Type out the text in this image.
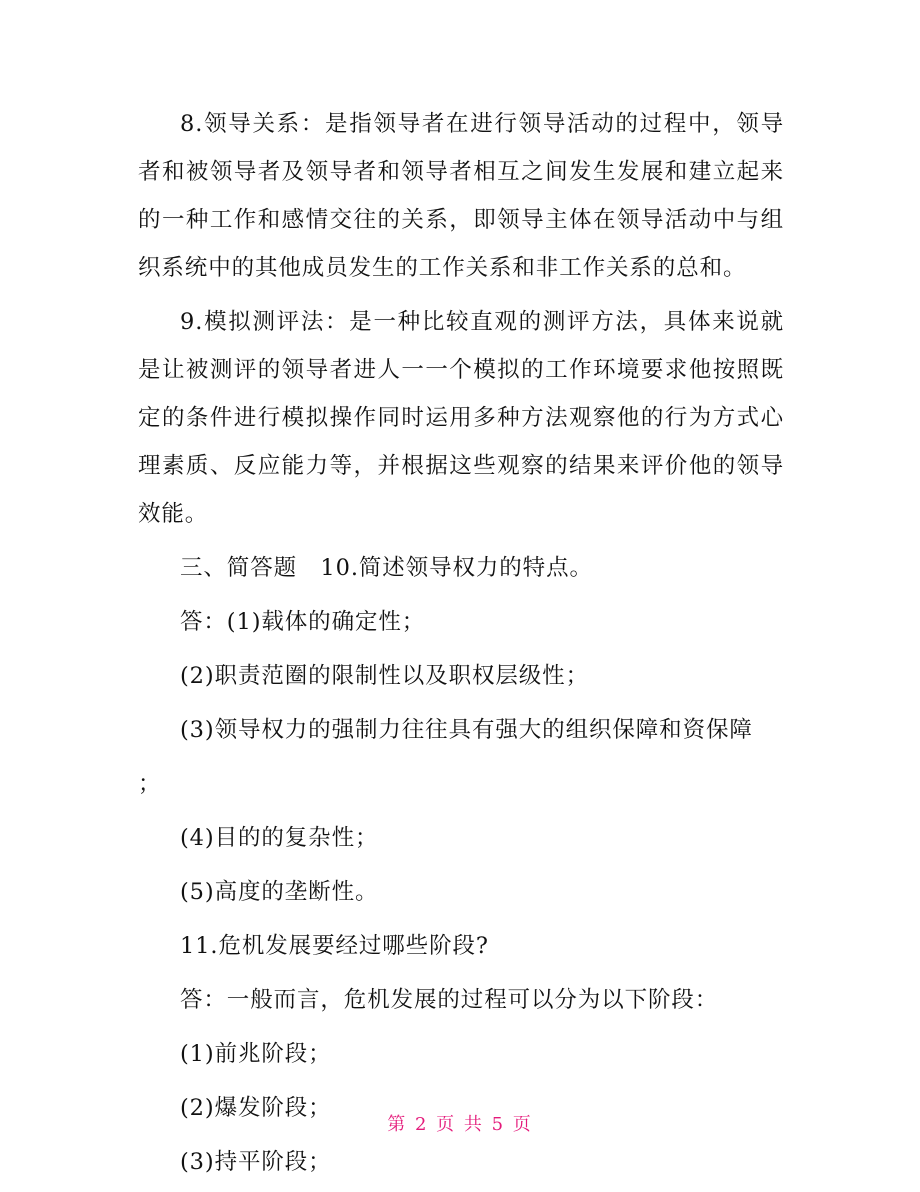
8.领导关系：是指领导者在进行领导活动的过程中，领导者和被领导者及领导者和领导者相互之间发生发展和建立起来的一种工作和感情交往的关系，即领导主体在领导活动中与组织系统中的其他成员发生的工作关系和非工作关系的总和。

9.模拟测评法：是一种比较直观的测评方法，具体来说就是让被测评的领导者进人一一个模拟的工作环境要求他按照既定的条件进行模拟操作同时运用多种方法观察他的行为方式心理素质、反应能力等，并根据这些观察的结果来评价他的领导效能。

三、简答题　10.简述领导权力的特点。

答：(1)载体的确定性；

(2)职责范圈的限制性以及职权层级性；

(3)领导权力的强制力往往具有强大的组织保障和资保障

；

(4)目的的复杂性；

(5)高度的垄断性。

11.危机发展要经过哪些阶段?

答：一般而言，危机发展的过程可以分为以下阶段：

(1)前兆阶段；

(2)爆发阶段；

(3)持平阶段；

第 2 页 共 5 页
